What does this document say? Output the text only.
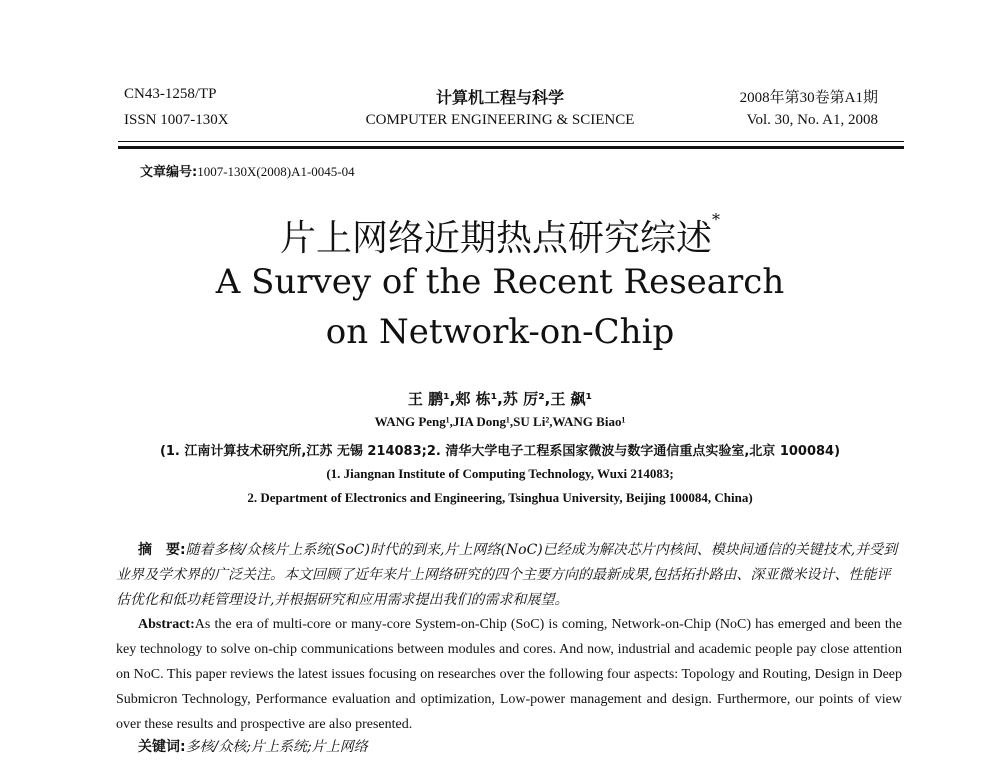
CN43-1258/TP
ISSN 1007-130X
计算机工程与科学
COMPUTER ENGINEERING & SCIENCE
2008年第30卷第A1期
Vol. 30, No. A1, 2008
文章编号:1007-130X(2008)A1-0045-04
片上网络近期热点研究综述*
A Survey of the Recent Research
on Network-on-Chip
王 鹏¹,郏 栋¹,苏 厉²,王 飙¹
WANG Peng¹,JIA Dong¹,SU Li²,WANG Biao¹
(1. 江南计算技术研究所,江苏 无锡 214083;2. 清华大学电子工程系国家微波与数字通信重点实验室,北京 100084)
(1. Jiangnan Institute of Computing Technology, Wuxi 214083;
2. Department of Electronics and Engineering, Tsinghua University, Beijing 100084, China)
摘　要:随着多核/众核片上系统(SoC)时代的到来,片上网络(NoC)已经成为解决芯片内核间、模块间通信的关键技术,并受到业界及学术界的广泛关注。本文回顾了近年来片上网络研究的四个主要方向的最新成果,包括拓扑路由、深亚微米设计、性能评估优化和低功耗管理设计,并根据研究和应用需求提出我们的需求和展望。
Abstract:As the era of multi-core or many-core System-on-Chip (SoC) is coming, Network-on-Chip (NoC) has emerged and been the key technology to solve on-chip communications between modules and cores. And now, industrial and academic people pay close attention on NoC. This paper reviews the latest issues focusing on researches over the following four aspects: Topology and Routing, Design in Deep Submicron Technology, Performance evaluation and optimization, Low-power management and design. Furthermore, our points of view over these results and prospective are also presented.
关键词:多核/众核;片上系统;片上网络
